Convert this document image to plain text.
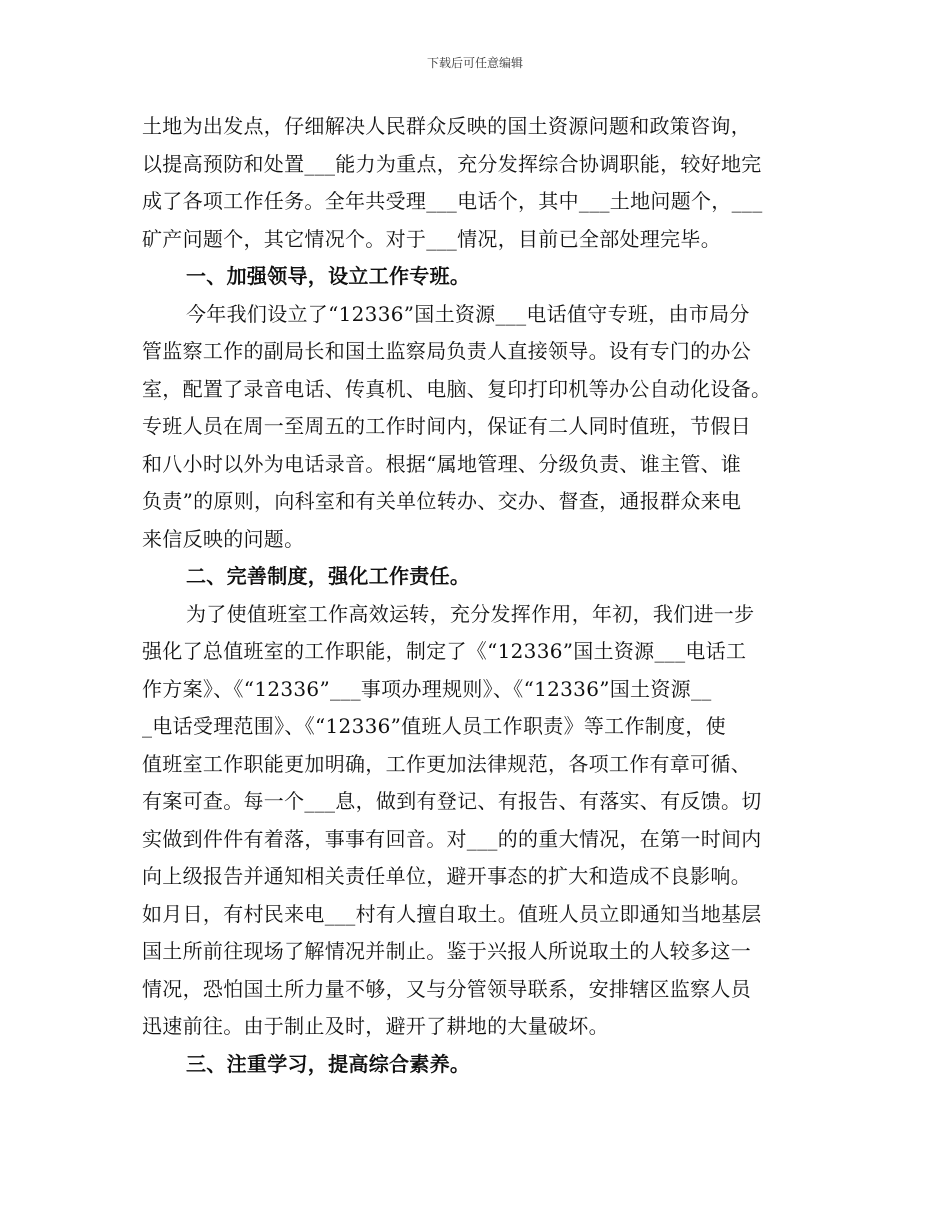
下载后可任意编辑
土地为出发点，仔细解决人民群众反映的国土资源问题和政策咨询，
以提高预防和处置___能力为重点，充分发挥综合协调职能，较好地完
成了各项工作任务。全年共受理___电话个，其中___土地问题个，___
矿产问题个，其它情况个。对于___情况，目前已全部处理完毕。
一、加强领导，设立工作专班。
今年我们设立了“12336”国土资源___电话值守专班，由市局分
管监察工作的副局长和国土监察局负责人直接领导。设有专门的办公
室，配置了录音电话、传真机、电脑、复印打印机等办公自动化设备。
专班人员在周一至周五的工作时间内，保证有二人同时值班，节假日
和八小时以外为电话录音。根据“属地管理、分级负责、谁主管、谁
负责”的原则，向科室和有关单位转办、交办、督查，通报群众来电
来信反映的问题。
二、完善制度，强化工作责任。
为了使值班室工作高效运转，充分发挥作用，年初，我们进一步
强化了总值班室的工作职能，制定了《“12336”国土资源___电话工
作方案》、《“12336”___事项办理规则》、《“12336”国土资源__
_电话受理范围》、《“12336”值班人员工作职责》等工作制度，使
值班室工作职能更加明确，工作更加法律规范，各项工作有章可循、
有案可查。每一个___息，做到有登记、有报告、有落实、有反馈。切
实做到件件有着落，事事有回音。对___的的重大情况，在第一时间内
向上级报告并通知相关责任单位，避开事态的扩大和造成不良影响。
如月日，有村民来电___村有人擅自取土。值班人员立即通知当地基层
国土所前往现场了解情况并制止。鉴于兴报人所说取土的人较多这一
情况，恐怕国土所力量不够，又与分管领导联系，安排辖区监察人员
迅速前往。由于制止及时，避开了耕地的大量破坏。
三、注重学习，提高综合素养。
